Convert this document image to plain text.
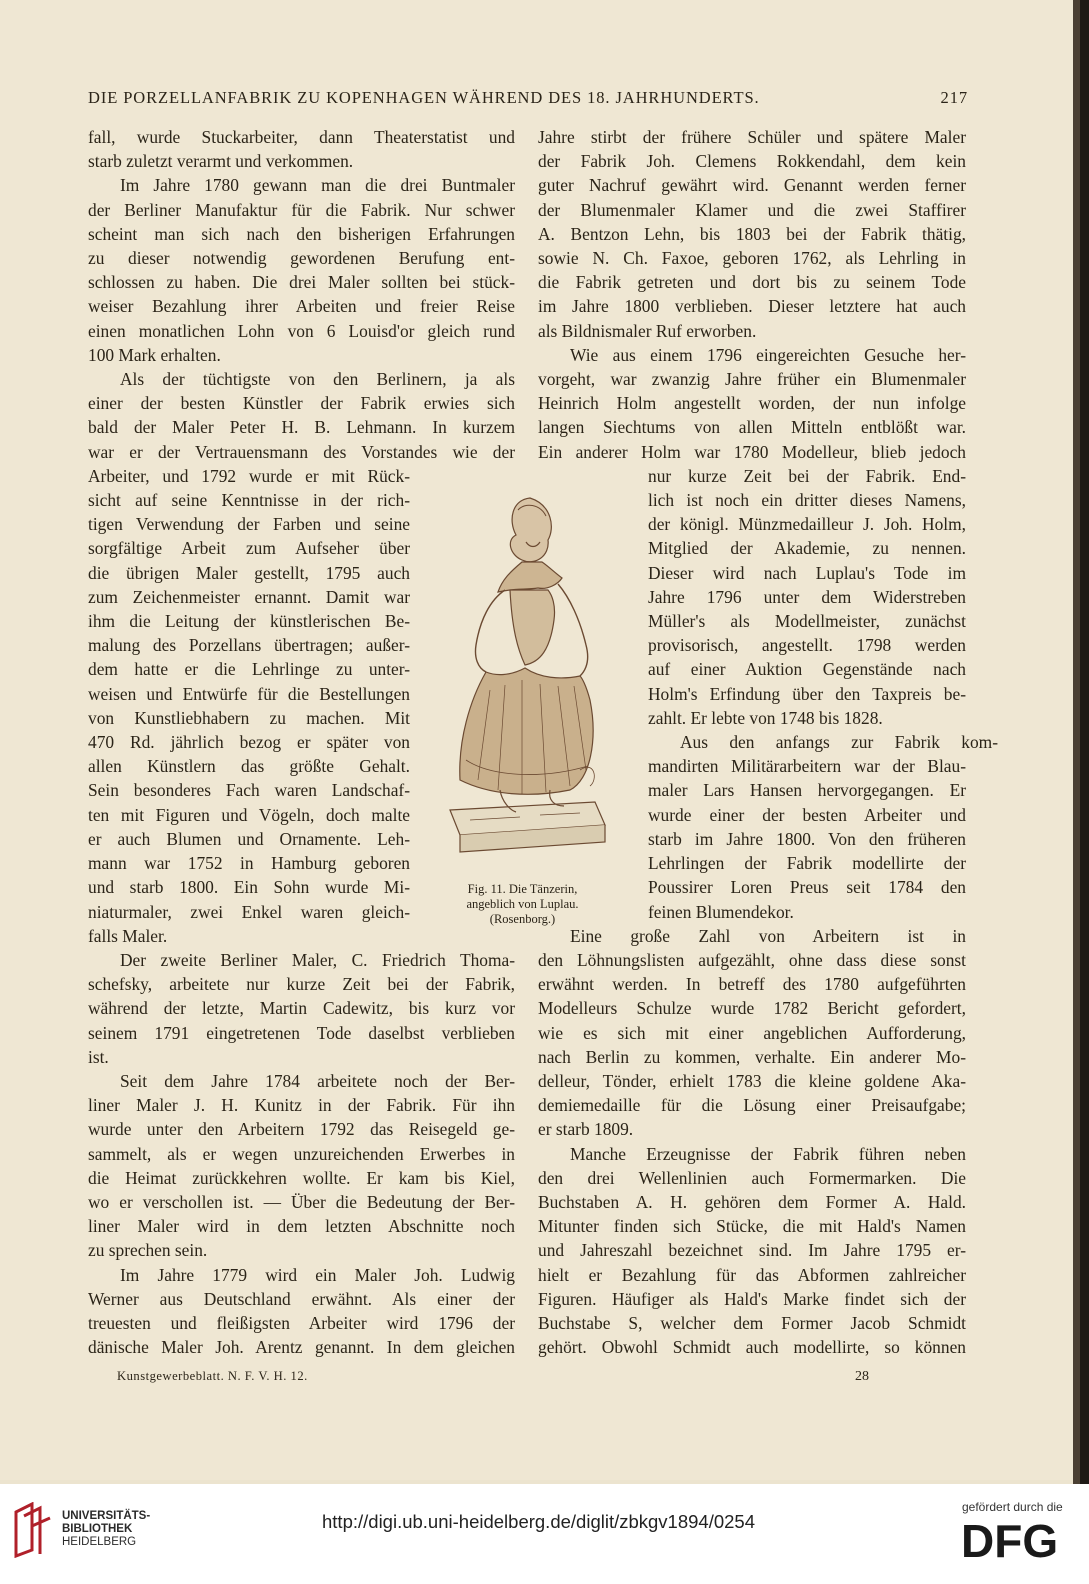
DIE PORZELLANFABRIK ZU KOPENHAGEN WÄHREND DES 18. JAHRHUNDERTS.	217

fall, wurde Stuckarbeiter, dann Theaterstatist und
starb zuletzt verarmt und verkommen.

Im Jahre 1780 gewann man die drei Buntmaler
der Berliner Manufaktur für die Fabrik. Nur schwer
scheint man sich nach den bisherigen Erfahrungen
zu dieser notwendig gewordenen Berufung ent-
schlossen zu haben. Die drei Maler sollten bei stück-
weiser Bezahlung ihrer Arbeiten und freier Reise
einen monatlichen Lohn von 6 Louisd'or gleich rund
100 Mark erhalten.

Als der tüchtigste von den Berlinern, ja als
einer der besten Künstler der Fabrik erwies sich
bald der Maler Peter H. B. Lehmann. In kurzem
war er der Vertrauensmann des Vorstandes wie der
Arbeiter, und 1792 wurde er mit Rück-
sicht auf seine Kenntnisse in der rich-
tigen Verwendung der Farben und seine
sorgfältige Arbeit zum Aufseher über
die übrigen Maler gestellt, 1795 auch
zum Zeichenmeister ernannt. Damit war
ihm die Leitung der künstlerischen Be-
malung des Porzellans übertragen; außer-
dem hatte er die Lehrlinge zu unter-
weisen und Entwürfe für die Bestellungen
von Kunstliebhabern zu machen. Mit
470 Rd. jährlich bezog er später von
allen Künstlern das größte Gehalt.
Sein besonderes Fach waren Landschaf-
ten mit Figuren und Vögeln, doch malte
er auch Blumen und Ornamente. Leh-
mann war 1752 in Hamburg geboren
und starb 1800. Ein Sohn wurde Mi-
niaturmaler, zwei Enkel waren gleich-
falls Maler.

Der zweite Berliner Maler, C. Friedrich Thoma-
schefsky, arbeitete nur kurze Zeit bei der Fabrik,
während der letzte, Martin Cadewitz, bis kurz vor
seinem 1791 eingetretenen Tode daselbst verblieben
ist.

Seit dem Jahre 1784 arbeitete noch der Ber-
liner Maler J. H. Kunitz in der Fabrik. Für ihn
wurde unter den Arbeitern 1792 das Reisegeld ge-
sammelt, als er wegen unzureichenden Erwerbes in
die Heimat zurückkehren wollte. Er kam bis Kiel,
wo er verschollen ist. — Über die Bedeutung der Ber-
liner Maler wird in dem letzten Abschnitte noch
zu sprechen sein.

Im Jahre 1779 wird ein Maler Joh. Ludwig
Werner aus Deutschland erwähnt. Als einer der
treuesten und fleißigsten Arbeiter wird 1796 der
dänische Maler Joh. Arentz genannt. In dem gleichen

Jahre stirbt der frühere Schüler und spätere Maler
der Fabrik Joh. Clemens Rokkendahl, dem kein
guter Nachruf gewährt wird. Genannt werden ferner
der Blumenmaler Klamer und die zwei Staffirer
A. Bentzon Lehn, bis 1803 bei der Fabrik thätig,
sowie N. Ch. Faxoe, geboren 1762, als Lehrling in
die Fabrik getreten und dort bis zu seinem Tode
im Jahre 1800 verblieben. Dieser letztere hat auch
als Bildnismaler Ruf erworben.

Wie aus einem 1796 eingereichten Gesuche her-
vorgeht, war zwanzig Jahre früher ein Blumenmaler
Heinrich Holm angestellt worden, der nun infolge
langen Siechtums von allen Mitteln entblößt war.
Ein anderer Holm war 1780 Modelleur, blieb jedoch
nur kurze Zeit bei der Fabrik. End-
lich ist noch ein dritter dieses Namens,
der königl. Münzmedailleur J. Joh. Holm,
Mitglied der Akademie, zu nennen.
Dieser wird nach Luplau's Tode im
Jahre 1796 unter dem Widerstreben
Müller's als Modellmeister, zunächst
provisorisch, angestellt. 1798 werden
auf einer Auktion Gegenstände nach
Holm's Erfindung über den Taxpreis be-
zahlt. Er lebte von 1748 bis 1828.

Aus den anfangs zur Fabrik kom-
mandirten Militärarbeitern war der Blau-
maler Lars Hansen hervorgegangen. Er
wurde einer der besten Arbeiter und
starb im Jahre 1800. Von den früheren
Lehrlingen der Fabrik modellirte der
Poussirer Loren Preus seit 1784 den
feinen Blumendekor.

Eine große Zahl von Arbeitern ist in
den Löhnungslisten aufgezählt, ohne dass diese sonst
erwähnt werden. In betreff des 1780 aufgeführten
Modelleurs Schulze wurde 1782 Bericht gefordert,
wie es sich mit einer angeblichen Aufforderung,
nach Berlin zu kommen, verhalte. Ein anderer Mo-
delleur, Tönder, erhielt 1783 die kleine goldene Aka-
demiemedaille für die Lösung einer Preisaufgabe;
er starb 1809.

Manche Erzeugnisse der Fabrik führen neben
den drei Wellenlinien auch Formermarken. Die
Buchstaben A. H. gehören dem Former A. Hald.
Mitunter finden sich Stücke, die mit Hald's Namen
und Jahreszahl bezeichnet sind. Im Jahre 1795 er-
hielt er Bezahlung für das Abformen zahlreicher
Figuren. Häufiger als Hald's Marke findet sich der
Buchstabe S, welcher dem Former Jacob Schmidt
gehört. Obwohl Schmidt auch modellirte, so können

Fig. 11. Die Tänzerin,
angeblich von Luplau.
(Rosenborg.)
Kunstgewerbeblatt. N. F. V. H. 12.	28
UNIVERSITÄTS-
BIBLIOTHEK
HEIDELBERG
http://digi.ub.uni-heidelberg.de/diglit/zbkgv1894/0254
gefördert durch die
DFG
